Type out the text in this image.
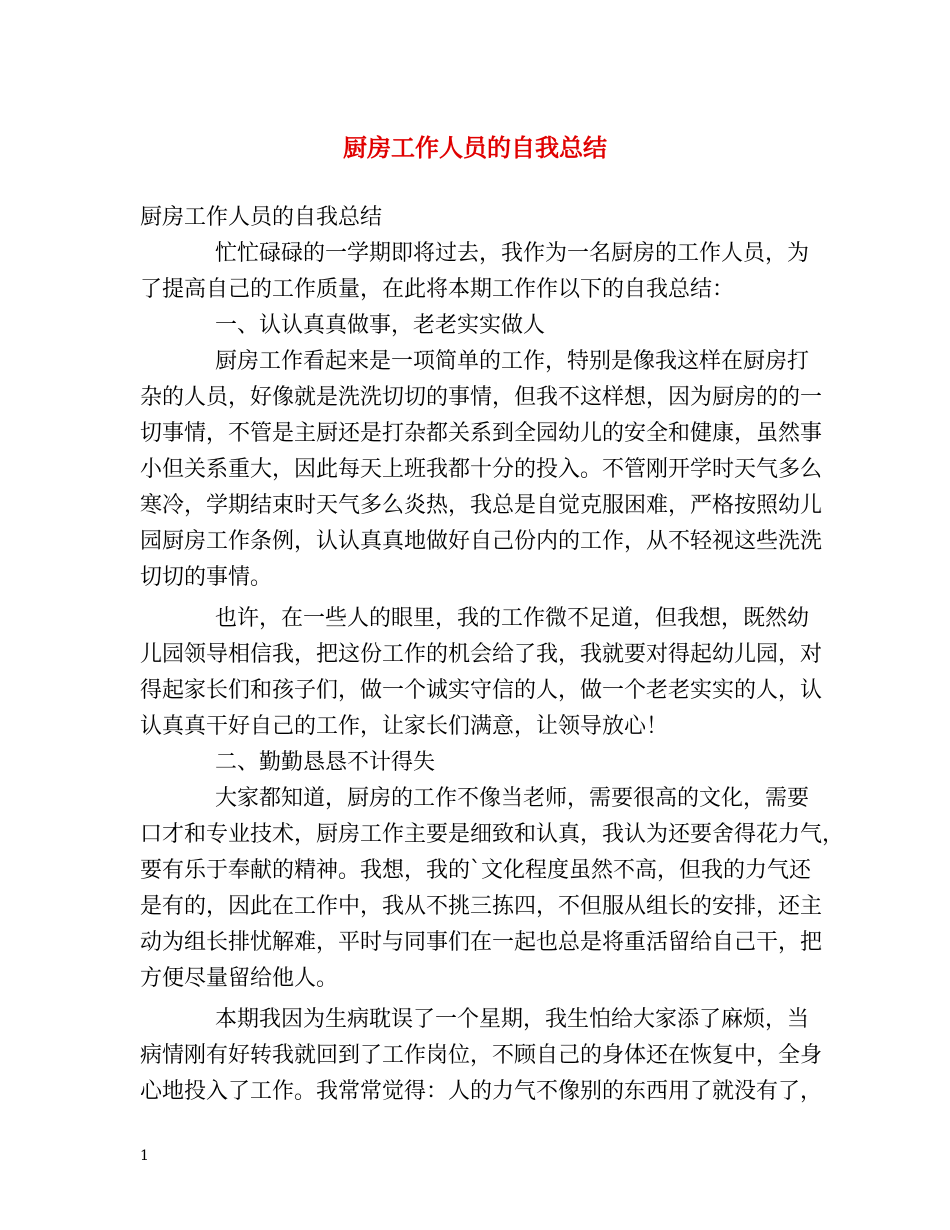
厨房工作人员的自我总结

厨房工作人员的自我总结

忙忙碌碌的一学期即将过去，我作为一名厨房的工作人员，为

了提高自己的工作质量，在此将本期工作作以下的自我总结：

一、认认真真做事，老老实实做人

厨房工作看起来是一项简单的工作，特别是像我这样在厨房打

杂的人员，好像就是洗洗切切的事情，但我不这样想，因为厨房的的一

切事情，不管是主厨还是打杂都关系到全园幼儿的安全和健康，虽然事

小但关系重大，因此每天上班我都十分的投入。不管刚开学时天气多么

寒冷，学期结束时天气多么炎热，我总是自觉克服困难，严格按照幼儿

园厨房工作条例，认认真真地做好自己份内的工作，从不轻视这些洗洗

切切的事情。

也许，在一些人的眼里，我的工作微不足道，但我想，既然幼

儿园领导相信我，把这份工作的机会给了我，我就要对得起幼儿园，对

得起家长们和孩子们，做一个诚实守信的人，做一个老老实实的人，认

认真真干好自己的工作，让家长们满意，让领导放心！

二、勤勤恳恳不计得失

大家都知道，厨房的工作不像当老师，需要很高的文化，需要

口才和专业技术，厨房工作主要是细致和认真，我认为还要舍得花力气，

要有乐于奉献的精神。我想，我的`文化程度虽然不高，但我的力气还

是有的，因此在工作中，我从不挑三拣四，不但服从组长的安排，还主

动为组长排忧解难，平时与同事们在一起也总是将重活留给自己干，把

方便尽量留给他人。

本期我因为生病耽误了一个星期，我生怕给大家添了麻烦，当

病情刚有好转我就回到了工作岗位，不顾自己的身体还在恢复中，全身

心地投入了工作。我常常觉得：人的力气不像别的东西用了就没有了，

1
